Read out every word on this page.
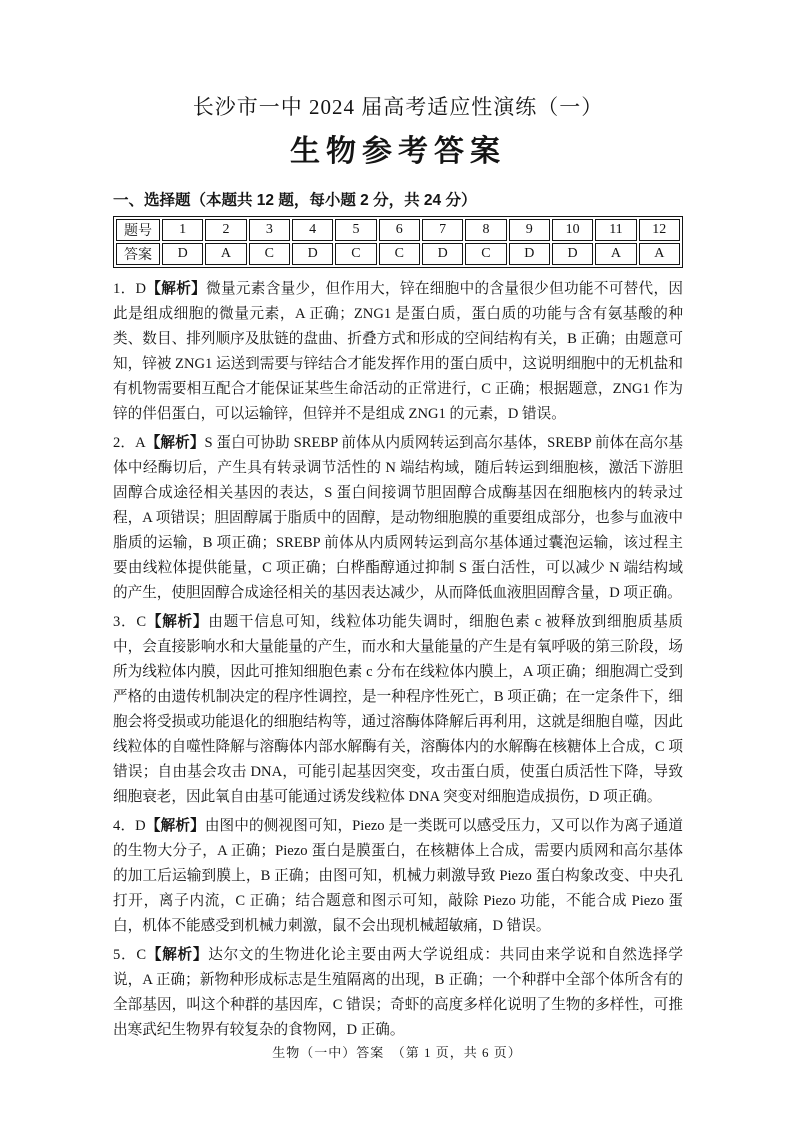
长沙市一中 2024 届高考适应性演练（一）
生物参考答案
一、选择题（本题共 12 题，每小题 2 分，共 24 分）
题号	1	2	3	4	5	6	7	8	9	10	11	12
答案	D	A	C	D	C	C	D	C	D	D	A	A

1．D【解析】微量元素含量少，但作用大，锌在细胞中的含量很少但功能不可替代，因此是组成细胞的微量元素，A 正确；ZNG1 是蛋白质，蛋白质的功能与含有氨基酸的种类、数目、排列顺序及肽链的盘曲、折叠方式和形成的空间结构有关，B 正确；由题意可知，锌被 ZNG1 运送到需要与锌结合才能发挥作用的蛋白质中，这说明细胞中的无机盐和有机物需要相互配合才能保证某些生命活动的正常进行，C 正确；根据题意，ZNG1 作为锌的伴侣蛋白，可以运输锌，但锌并不是组成 ZNG1 的元素，D 错误。

2．A【解析】S 蛋白可协助 SREBP 前体从内质网转运到高尔基体，SREBP 前体在高尔基体中经酶切后，产生具有转录调节活性的 N 端结构域，随后转运到细胞核，激活下游胆固醇合成途径相关基因的表达，S 蛋白间接调节胆固醇合成酶基因在细胞核内的转录过程，A 项错误；胆固醇属于脂质中的固醇，是动物细胞膜的重要组成部分，也参与血液中脂质的运输，B 项正确；SREBP 前体从内质网转运到高尔基体通过囊泡运输，该过程主要由线粒体提供能量，C 项正确；白桦酯醇通过抑制 S 蛋白活性，可以减少 N 端结构域的产生，使胆固醇合成途径相关的基因表达减少，从而降低血液胆固醇含量，D 项正确。

3．C【解析】由题干信息可知，线粒体功能失调时，细胞色素 c 被释放到细胞质基质中，会直接影响水和大量能量的产生，而水和大量能量的产生是有氧呼吸的第三阶段，场所为线粒体内膜，因此可推知细胞色素 c 分布在线粒体内膜上，A 项正确；细胞凋亡受到严格的由遗传机制决定的程序性调控，是一种程序性死亡，B 项正确；在一定条件下，细胞会将受损或功能退化的细胞结构等，通过溶酶体降解后再利用，这就是细胞自噬，因此线粒体的自噬性降解与溶酶体内部水解酶有关，溶酶体内的水解酶在核糖体上合成，C 项错误；自由基会攻击 DNA，可能引起基因突变，攻击蛋白质，使蛋白质活性下降，导致细胞衰老，因此氧自由基可能通过诱发线粒体 DNA 突变对细胞造成损伤，D 项正确。

4．D【解析】由图中的侧视图可知，Piezo 是一类既可以感受压力，又可以作为离子通道的生物大分子，A 正确；Piezo 蛋白是膜蛋白，在核糖体上合成，需要内质网和高尔基体的加工后运输到膜上，B 正确；由图可知，机械力刺激导致 Piezo 蛋白构象改变、中央孔打开，离子内流，C 正确；结合题意和图示可知，敲除 Piezo 功能，不能合成 Piezo 蛋白，机体不能感受到机械力刺激，鼠不会出现机械超敏痛，D 错误。

5．C【解析】达尔文的生物进化论主要由两大学说组成：共同由来学说和自然选择学说，A 正确；新物种形成标志是生殖隔离的出现，B 正确；一个种群中全部个体所含有的全部基因，叫这个种群的基因库，C 错误；奇虾的高度多样化说明了生物的多样性，可推出寒武纪生物界有较复杂的食物网，D 正确。

生物（一中）答案　（第 1 页，共 6 页）
